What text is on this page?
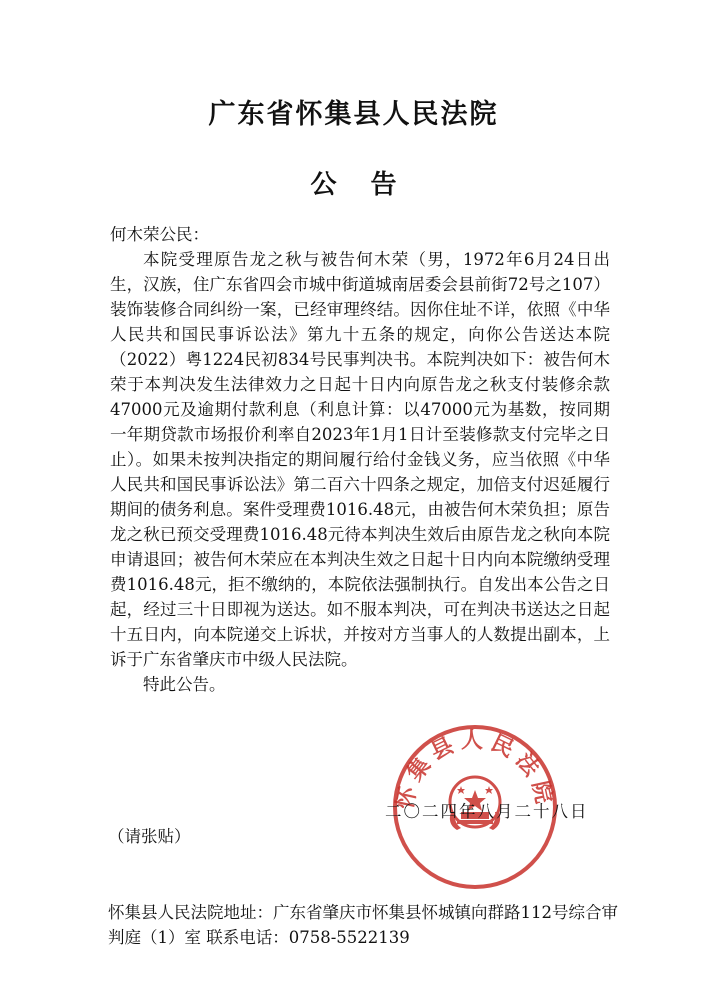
广东省怀集县人民法院
公告

何木荣公民：

本院受理原告龙之秋与被告何木荣（男，1972年6月24日出生，汉族，住广东省四会市城中街道城南居委会县前街72号之107）装饰装修合同纠纷一案，已经审理终结。因你住址不详，依照《中华人民共和国民事诉讼法》第九十五条的规定，向你公告送达本院（2022）粤1224民初834号民事判决书。本院判决如下：被告何木荣于本判决发生法律效力之日起十日内向原告龙之秋支付装修余款47000元及逾期付款利息（利息计算：以47000元为基数，按同期一年期贷款市场报价利率自2023年1月1日计至装修款支付完毕之日止）。如果未按判决指定的期间履行给付金钱义务，应当依照《中华人民共和国民事诉讼法》第二百六十四条之规定，加倍支付迟延履行期间的债务利息。案件受理费1016.48元，由被告何木荣负担；原告龙之秋已预交受理费1016.48元待本判决生效后由原告龙之秋向本院申请退回；被告何木荣应在本判决生效之日起十日内向本院缴纳受理费1016.48元，拒不缴纳的，本院依法强制执行。自发出本公告之日起，经过三十日即视为送达。如不服本判决，可在判决书送达之日起十五日内，向本院递交上诉状，并按对方当事人的人数提出副本，上诉于广东省肇庆市中级人民法院。

特此公告。

怀集县人民法院
二〇二四年八月二十八日
（请张贴）
怀集县人民法院地址：广东省肇庆市怀集县怀城镇向群路112号综合审判庭（1）室 联系电话：0758-5522139
